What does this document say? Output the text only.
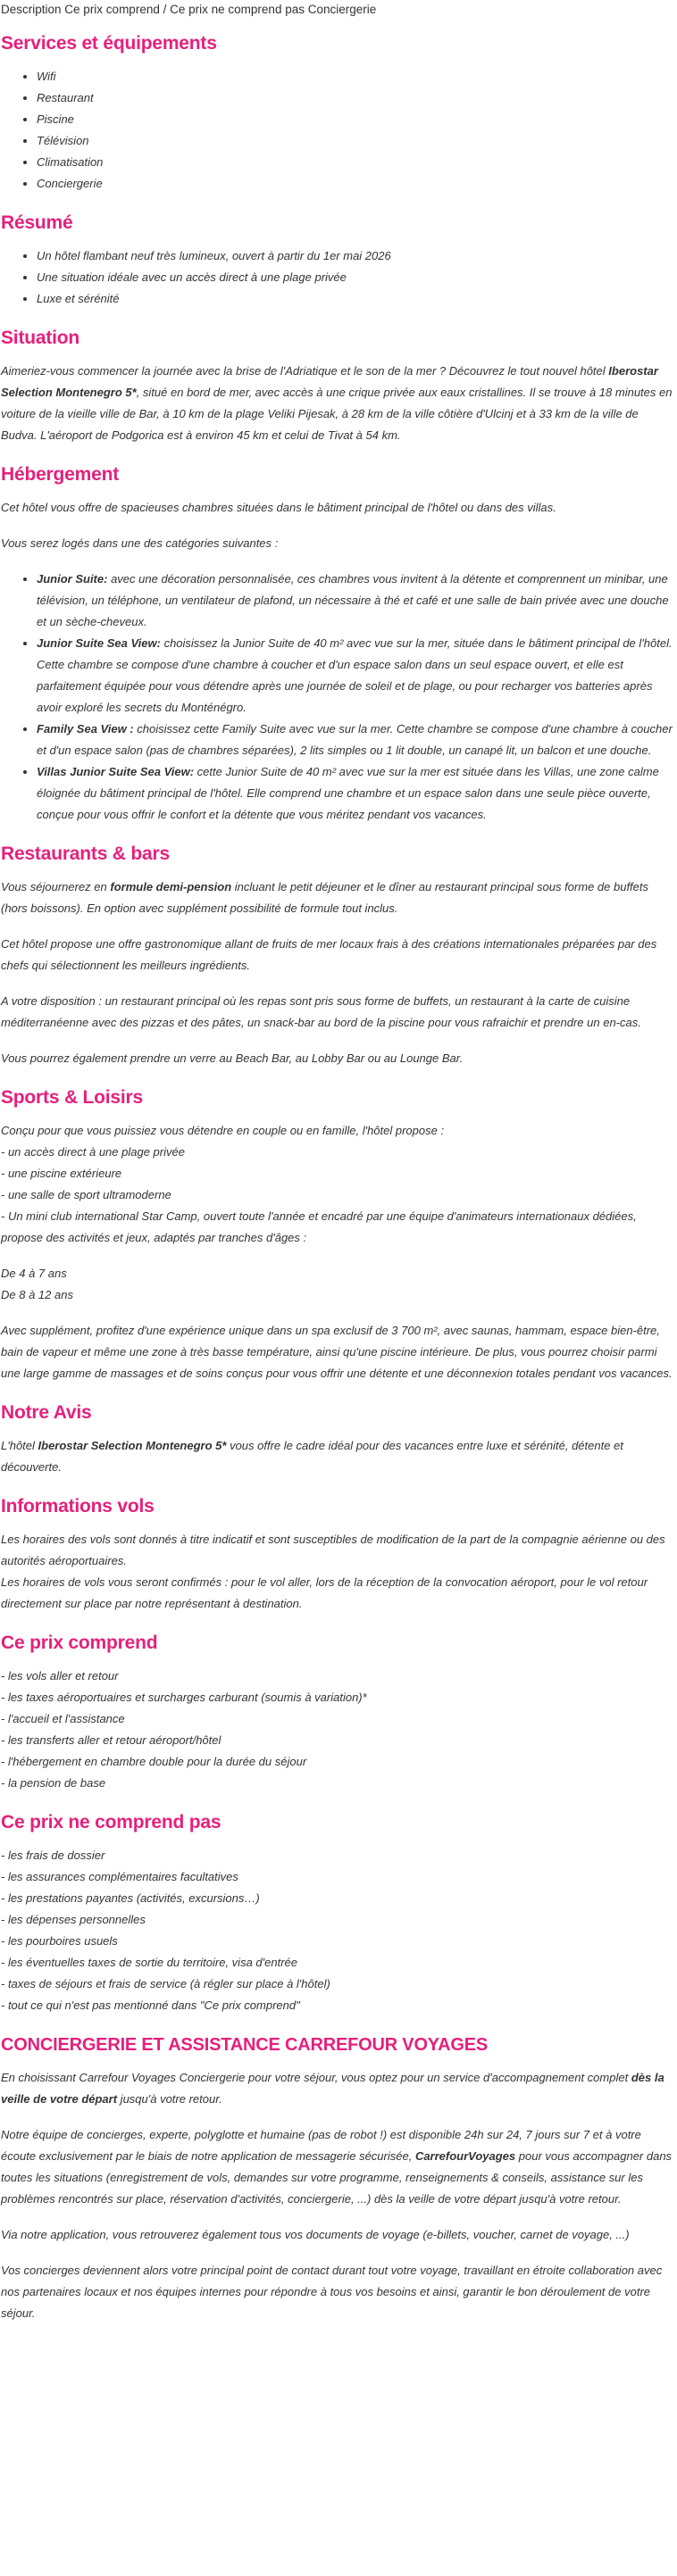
Description Ce prix comprend / Ce prix ne comprend pas Conciergerie
Services et équipements
• Wifi
• Restaurant
• Piscine
• Télévision
• Climatisation
• Conciergerie
Résumé
• Un hôtel flambant neuf très lumineux, ouvert à partir du 1er mai 2026
• Une situation idéale avec un accès direct à une plage privée
• Luxe et sérénité
Situation

Aimeriez-vous commencer la journée avec la brise de l'Adriatique et le son de la mer ? Découvrez le tout nouvel hôtel Iberostar Selection Montenegro 5*, situé en bord de mer, avec accès à une crique privée aux eaux cristallines. Il se trouve à 18 minutes en voiture de la vieille ville de Bar, à 10 km de la plage Veliki Pijesak, à 28 km de la ville côtière d'Ulcinj et à 33 km de la ville de Budva. L'aéroport de Podgorica est à environ 45 km et celui de Tivat à 54 km.

Hébergement

Cet hôtel vous offre de spacieuses chambres situées dans le bâtiment principal de l'hôtel ou dans des villas.

Vous serez logés dans une des catégories suivantes :

• Junior Suite: avec une décoration personnalisée, ces chambres vous invitent à la détente et comprennent un minibar, une télévision, un téléphone, un ventilateur de plafond, un nécessaire à thé et café et une salle de bain privée avec une douche et un sèche-cheveux.
• Junior Suite Sea View: choisissez la Junior Suite de 40 m² avec vue sur la mer, située dans le bâtiment principal de l'hôtel. Cette chambre se compose d'une chambre à coucher et d'un espace salon dans un seul espace ouvert, et elle est parfaitement équipée pour vous détendre après une journée de soleil et de plage, ou pour recharger vos batteries après avoir exploré les secrets du Monténégro.
• Family Sea View : choisissez cette Family Suite avec vue sur la mer. Cette chambre se compose d'une chambre à coucher et d'un espace salon (pas de chambres séparées), 2 lits simples ou 1 lit double, un canapé lit, un balcon et une douche.
• Villas Junior Suite Sea View: cette Junior Suite de 40 m² avec vue sur la mer est située dans les Villas, une zone calme éloignée du bâtiment principal de l'hôtel. Elle comprend une chambre et un espace salon dans une seule pièce ouverte, conçue pour vous offrir le confort et la détente que vous méritez pendant vos vacances.
Restaurants & bars

Vous séjournerez en formule demi-pension incluant le petit déjeuner et le dîner au restaurant principal sous forme de buffets (hors boissons). En option avec supplément possibilité de formule tout inclus.

Cet hôtel propose une offre gastronomique allant de fruits de mer locaux frais à des créations internationales préparées par des chefs qui sélectionnent les meilleurs ingrédients.

A votre disposition : un restaurant principal où les repas sont pris sous forme de buffets, un restaurant à la carte de cuisine méditerranéenne avec des pizzas et des pâtes, un snack-bar au bord de la piscine pour vous rafraichir et prendre un en-cas.

Vous pourrez également prendre un verre au Beach Bar, au Lobby Bar ou au Lounge Bar.

Sports & Loisirs
Conçu pour que vous puissiez vous détendre en couple ou en famille, l'hôtel propose :
- un accès direct à une plage privée
- une piscine extérieure
- une salle de sport ultramoderne
- Un mini club international Star Camp, ouvert toute l'année et encadré par une équipe d'animateurs internationaux dédiées, propose des activités et jeux, adaptés par tranches d'âges :
De 4 à 7 ans
De 8 à 12 ans

Avec supplément, profitez d'une expérience unique dans un spa exclusif de 3 700 m², avec saunas, hammam, espace bien-être, bain de vapeur et même une zone à très basse température, ainsi qu'une piscine intérieure. De plus, vous pourrez choisir parmi une large gamme de massages et de soins conçus pour vous offrir une détente et une déconnexion totales pendant vos vacances.

Notre Avis

L'hôtel Iberostar Selection Montenegro 5* vous offre le cadre idéal pour des vacances entre luxe et sérénité, détente et découverte.

Informations vols
Les horaires des vols sont donnés à titre indicatif et sont susceptibles de modification de la part de la compagnie aérienne ou des autorités aéroportuaires.
Les horaires de vols vous seront confirmés : pour le vol aller, lors de la réception de la convocation aéroport, pour le vol retour directement sur place par notre représentant à destination.
Ce prix comprend
- les vols aller et retour
- les taxes aéroportuaires et surcharges carburant (soumis à variation)*
- l'accueil et l'assistance
- les transferts aller et retour aéroport/hôtel
- l'hébergement en chambre double pour la durée du séjour
- la pension de base
Ce prix ne comprend pas
- les frais de dossier
- les assurances complémentaires facultatives
- les prestations payantes (activités, excursions…)
- les dépenses personnelles
- les pourboires usuels
- les éventuelles taxes de sortie du territoire, visa d'entrée
- taxes de séjours et frais de service (à régler sur place à l'hôtel)
- tout ce qui n'est pas mentionné dans "Ce prix comprend"
CONCIERGERIE ET ASSISTANCE CARREFOUR VOYAGES

En choisissant Carrefour Voyages Conciergerie pour votre séjour, vous optez pour un service d'accompagnement complet dès la veille de votre départ jusqu'à votre retour.

Notre équipe de concierges, experte, polyglotte et humaine (pas de robot !) est disponible 24h sur 24, 7 jours sur 7 et à votre écoute exclusivement par le biais de notre application de messagerie sécurisée, CarrefourVoyages pour vous accompagner dans toutes les situations (enregistrement de vols, demandes sur votre programme, renseignements & conseils, assistance sur les problèmes rencontrés sur place, réservation d'activités, conciergerie, ...) dès la veille de votre départ jusqu'à votre retour.

Via notre application, vous retrouverez également tous vos documents de voyage (e-billets, voucher, carnet de voyage, ...)

Vos concierges deviennent alors votre principal point de contact durant tout votre voyage, travaillant en étroite collaboration avec nos partenaires locaux et nos équipes internes pour répondre à tous vos besoins et ainsi, garantir le bon déroulement de votre séjour.
